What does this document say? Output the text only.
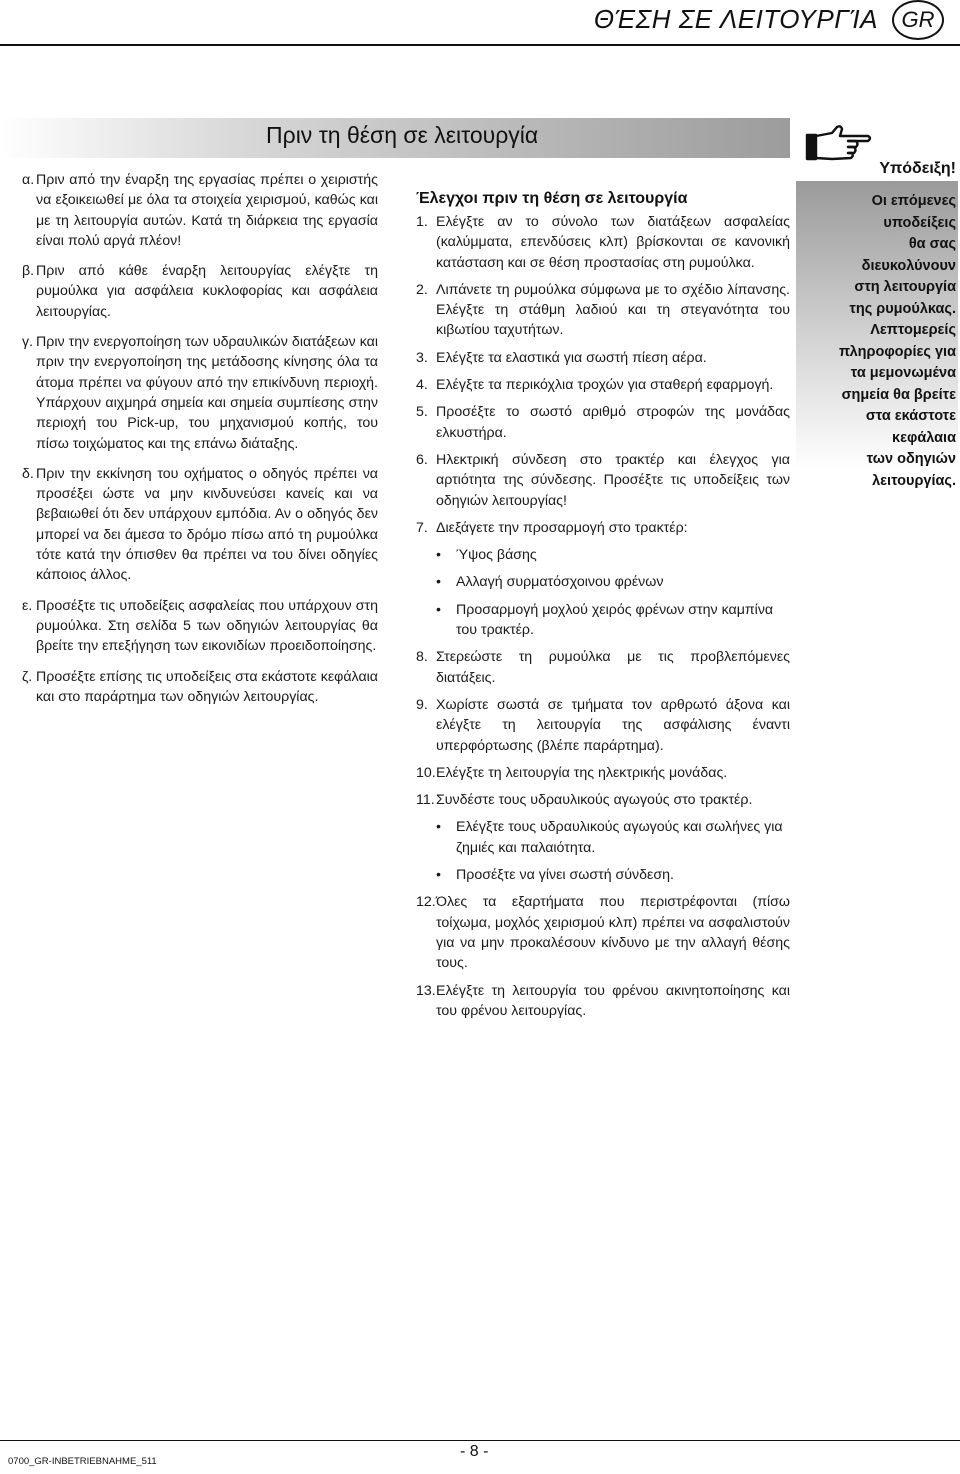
ΘΈΣΗ ΣΕ ΛΕΙΤΟΥΡΓΊΑ	GR
Πριν τη θέση σε λειτουργία
Υπόδειξη!
Οι επόμενες
υποδείξεις
θα σας
διευκολύνουν
στη λειτουργία
της ρυμούλκας.
Λεπτομερείς
πληροφορίες για
τα μεμονωμένα
σημεία θα βρείτε
στα εκάστοτε
κεφάλαια
των οδηγιών
λειτουργίας.
α. Πριν από την έναρξη της εργασίας πρέπει ο χειριστής να εξοικειωθεί με όλα τα στοιχεία χειρισμού, καθώς και με τη λειτουργία αυτών. Κατά τη διάρκεια της εργασία είναι πολύ αργά πλέον!
β. Πριν από κάθε έναρξη λειτουργίας ελέγξτε τη ρυμούλκα για ασφάλεια κυκλοφορίας και ασφάλεια λειτουργίας.
γ. Πριν την ενεργοποίηση των υδραυλικών διατάξεων και πριν την ενεργοποίηση της μετάδοσης κίνησης όλα τα άτομα πρέπει να φύγουν από την επικίνδυνη περιοχή. Υπάρχουν αιχμηρά σημεία και σημεία συμπίεσης στην περιοχή του Pick-up, του μηχανισμού κοπής, του πίσω τοιχώματος και της επάνω διάταξης.
δ. Πριν την εκκίνηση του οχήματος ο οδηγός πρέπει να προσέξει ώστε να μην κινδυνεύσει κανείς και να βεβαιωθεί ότι δεν υπάρχουν εμπόδια. Αν ο οδηγός δεν μπορεί να δει άμεσα το δρόμο πίσω από τη ρυμούλκα τότε κατά την όπισθεν θα πρέπει να του δίνει οδηγίες κάποιος άλλος.
ε. Προσέξτε τις υποδείξεις ασφαλείας που υπάρχουν στη ρυμούλκα. Στη σελίδα 5 των οδηγιών λειτουργίας θα βρείτε την επεξήγηση των εικονιδίων προειδοποίησης.
ζ. Προσέξτε επίσης τις υποδείξεις στα εκάστοτε κεφάλαια και στο παράρτημα των οδηγιών λειτουργίας.
Έλεγχοι πριν τη θέση σε λειτουργία
1. Ελέγξτε αν το σύνολο των διατάξεων ασφαλείας (καλύμματα, επενδύσεις κλπ) βρίσκονται σε κανονική κατάσταση και σε θέση προστασίας στη ρυμούλκα.
2. Λιπάνετε τη ρυμούλκα σύμφωνα με το σχέδιο λίπανσης. Ελέγξτε τη στάθμη λαδιού και τη στεγανότητα του κιβωτίου ταχυτήτων.
3. Ελέγξτε τα ελαστικά για σωστή πίεση αέρα.
4. Ελέγξτε τα περικόχλια τροχών για σταθερή εφαρμογή.
5. Προσέξτε το σωστό αριθμό στροφών της μονάδας ελκυστήρα.
6. Ηλεκτρική σύνδεση στο τρακτέρ και έλεγχος για αρτιότητα της σύνδεσης. Προσέξτε τις υποδείξεις των οδηγιών λειτουργίας!
7. Διεξάγετε την προσαρμογή στο τρακτέρ:
•	Ύψος βάσης
•	Αλλαγή συρματόσχοινου φρένων
•	Προσαρμογή μοχλού χειρός φρένων στην καμπίνα του τρακτέρ.
8. Στερεώστε τη ρυμούλκα με τις προβλεπόμενες διατάξεις.
9. Χωρίστε σωστά σε τμήματα τον αρθρωτό άξονα και ελέγξτε τη λειτουργία της ασφάλισης έναντι υπερφόρτωσης (βλέπε παράρτημα).
10. Ελέγξτε τη λειτουργία της ηλεκτρικής μονάδας.
11. Συνδέστε τους υδραυλικούς αγωγούς στο τρακτέρ.
•	Ελέγξτε τους υδραυλικούς αγωγούς και σωλήνες για ζημιές και παλαιότητα.
•	Προσέξτε να γίνει σωστή σύνδεση.
12. Όλες τα εξαρτήματα που περιστρέφονται (πίσω τοίχωμα, μοχλός χειρισμού κλπ) πρέπει να ασφαλιστούν για να μην προκαλέσουν κίνδυνο με την αλλαγή θέσης τους.
13. Ελέγξτε τη λειτουργία του φρένου ακινητοποίησης και του φρένου λειτουργίας.
0700_GR-INBETRIEBNAHME_511
- 8 -
